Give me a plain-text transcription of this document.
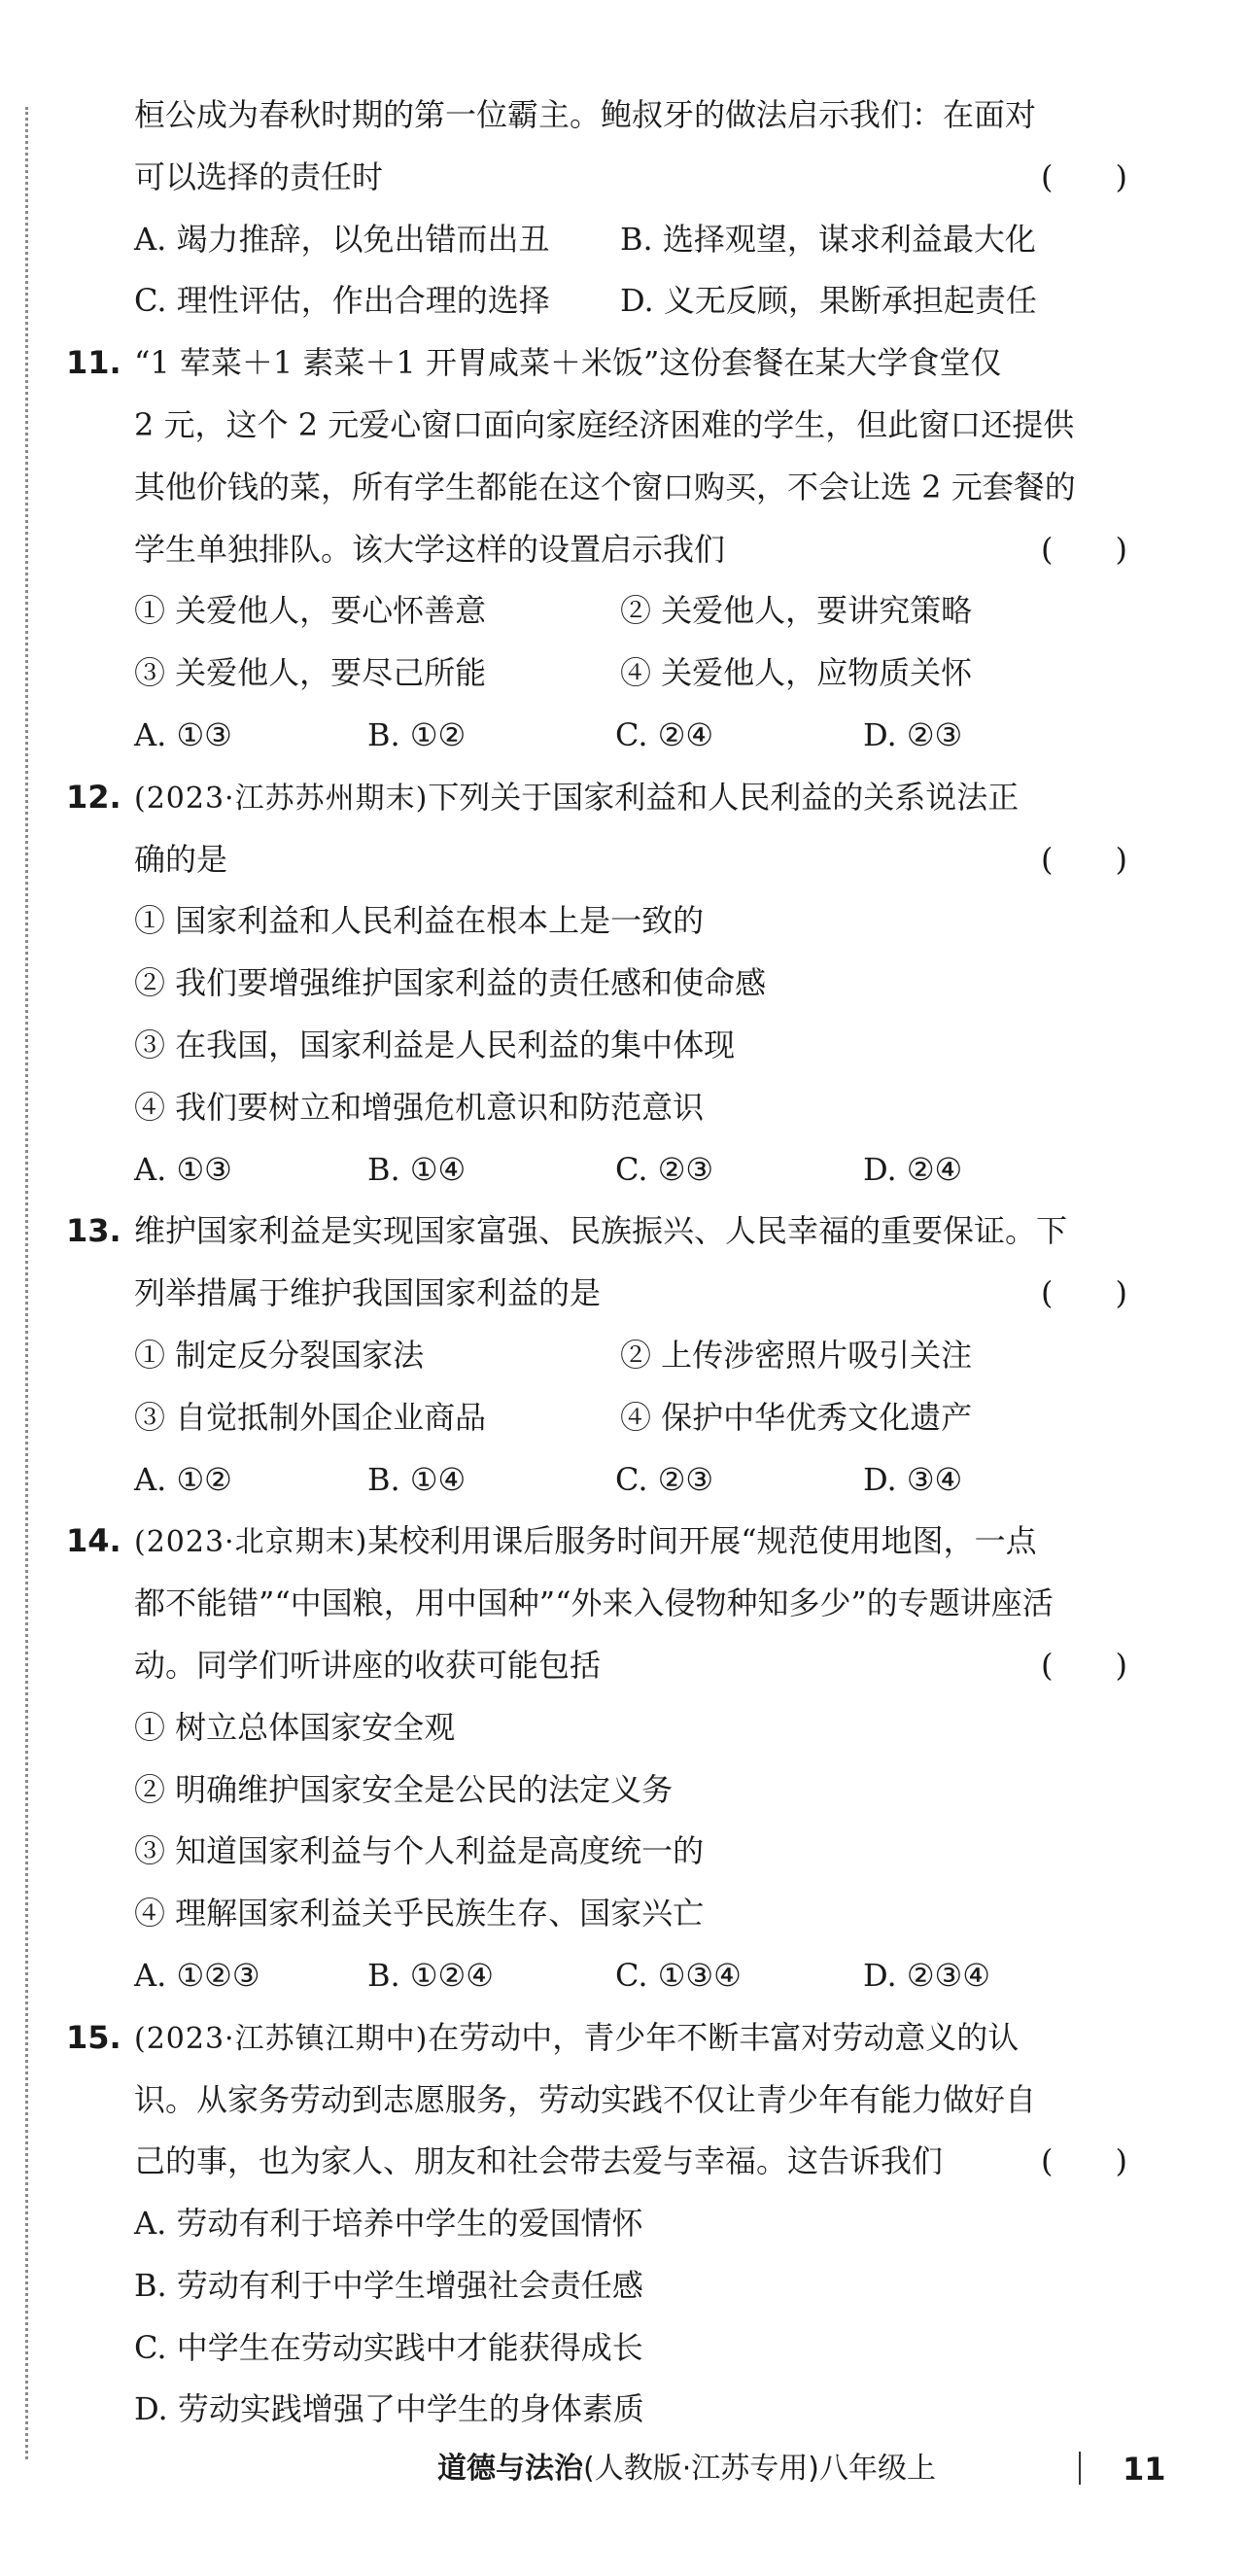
桓公成为春秋时期的第一位霸主。鲍叔牙的做法启示我们：在面对
可以选择的责任时	(　　)
A. 竭力推辞，以免出错而出丑 B. 选择观望，谋求利益最大化
C. 理性评估，作出合理的选择 D. 义无反顾，果断承担起责任
11. “1 荤菜＋1 素菜＋1 开胃咸菜＋米饭”这份套餐在某大学食堂仅
2 元，这个 2 元爱心窗口面向家庭经济困难的学生，但此窗口还提供
其他价钱的菜，所有学生都能在这个窗口购买，不会让选 2 元套餐的
学生单独排队。该大学这样的设置启示我们	(　　)
① 关爱他人，要心怀善意	② 关爱他人，要讲究策略
③ 关爱他人，要尽己所能	④ 关爱他人，应物质关怀
A. ①③	B. ①②	C. ②④	D. ②③
12. (2023·江苏苏州期末)下列关于国家利益和人民利益的关系说法正
确的是	(　　)
① 国家利益和人民利益在根本上是一致的
② 我们要增强维护国家利益的责任感和使命感
③ 在我国，国家利益是人民利益的集中体现
④ 我们要树立和增强危机意识和防范意识
A. ①③	B. ①④	C. ②③	D. ②④
13. 维护国家利益是实现国家富强、民族振兴、人民幸福的重要保证。下
列举措属于维护我国国家利益的是	(　　)
① 制定反分裂国家法	② 上传涉密照片吸引关注
③ 自觉抵制外国企业商品	④ 保护中华优秀文化遗产
A. ①②	B. ①④	C. ②③	D. ③④
14. (2023·北京期末)某校利用课后服务时间开展“规范使用地图，一点
都不能错”“中国粮，用中国种”“外来入侵物种知多少”的专题讲座活
动。同学们听讲座的收获可能包括	(　　)
① 树立总体国家安全观
② 明确维护国家安全是公民的法定义务
③ 知道国家利益与个人利益是高度统一的
④ 理解国家利益关乎民族生存、国家兴亡
A. ①②③	B. ①②④	C. ①③④	D. ②③④
15. (2023·江苏镇江期中)在劳动中，青少年不断丰富对劳动意义的认
识。从家务劳动到志愿服务，劳动实践不仅让青少年有能力做好自
己的事，也为家人、朋友和社会带去爱与幸福。这告诉我们	(　　)
A. 劳动有利于培养中学生的爱国情怀
B. 劳动有利于中学生增强社会责任感
C. 中学生在劳动实践中才能获得成长
D. 劳动实践增强了中学生的身体素质
道德与法治(人教版·江苏专用)八年级上	11
